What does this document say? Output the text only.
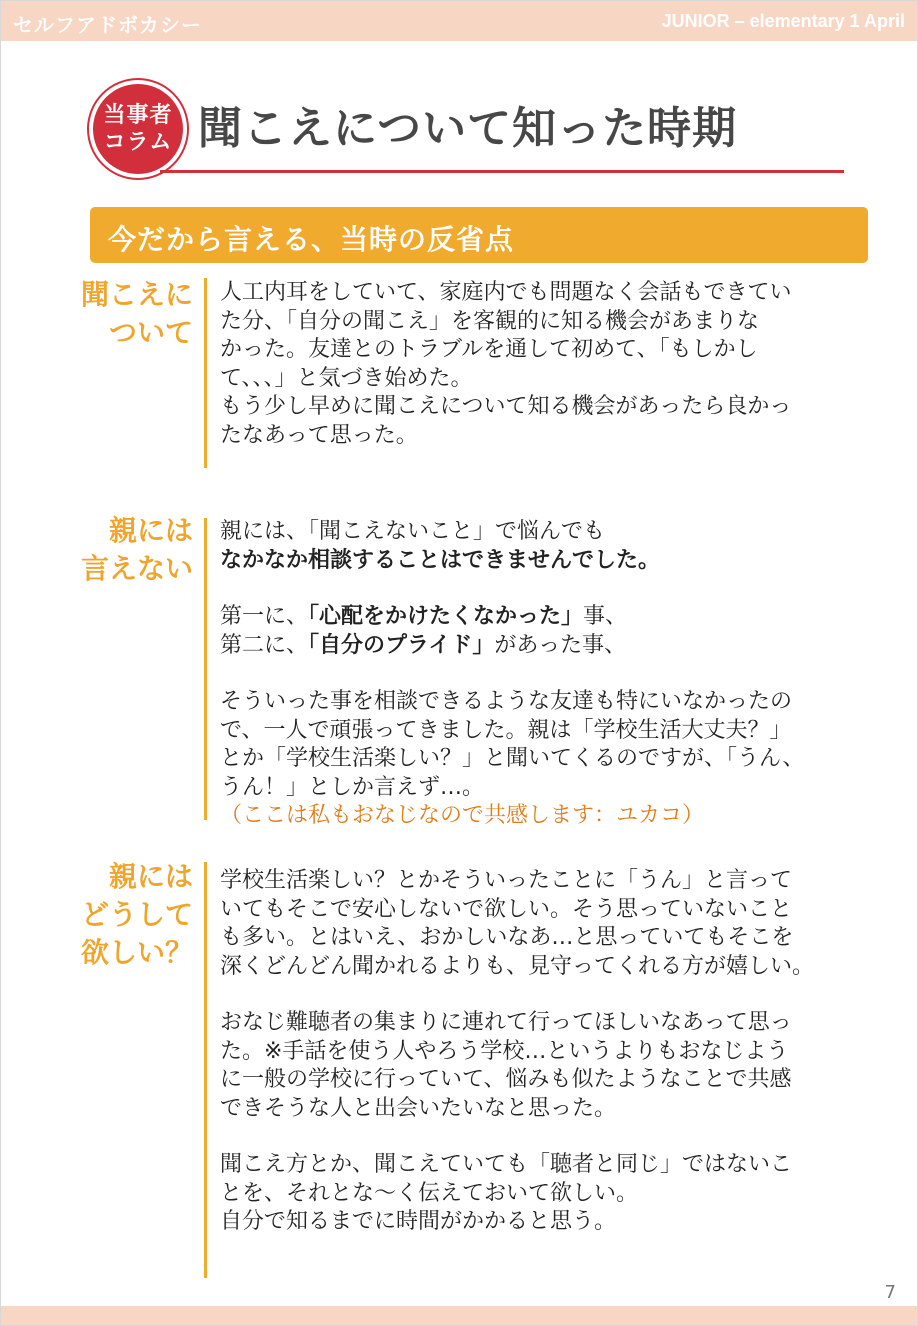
セルフアドボカシー	JUNIOR – elementary 1 April
当事者
コラム 聞こえについて知った時期
今だから言える、当時の反省点
聞こえに
ついて

人工内耳をしていて、家庭内でも問題なく会話もできてい

た分、「自分の聞こえ」を客観的に知る機会があまりな

かった。友達とのトラブルを通して初めて、「もしかし

て、、、」と気づき始めた。

もう少し早めに聞こえについて知る機会があったら良かっ

たなあって思った。

親には
言えない

親には、「聞こえないこと」で悩んでも

なかなか相談することはできませんでした。

第一に、「心配をかけたくなかった」事、

第二に、「自分のプライド」があった事、

そういった事を相談できるような友達も特にいなかったの

で、一人で頑張ってきました。親は「学校生活大丈夫？」

とか「学校生活楽しい？」と聞いてくるのですが、「うん、

うん！」としか言えず…。

（ここは私もおなじなので共感します：ユカコ）

親には
どうして
欲しい？

学校生活楽しい？とかそういったことに「うん」と言って

いてもそこで安心しないで欲しい。そう思っていないこと

も多い。とはいえ、おかしいなあ…と思っていてもそこを

深くどんどん聞かれるよりも、見守ってくれる方が嬉しい。

おなじ難聴者の集まりに連れて行ってほしいなあって思っ

た。※手話を使う人やろう学校…というよりもおなじよう

に一般の学校に行っていて、悩みも似たようなことで共感

できそうな人と出会いたいなと思った。

聞こえ方とか、聞こえていても「聴者と同じ」ではないこ

とを、それとな～く伝えておいて欲しい。

自分で知るまでに時間がかかると思う。

7
